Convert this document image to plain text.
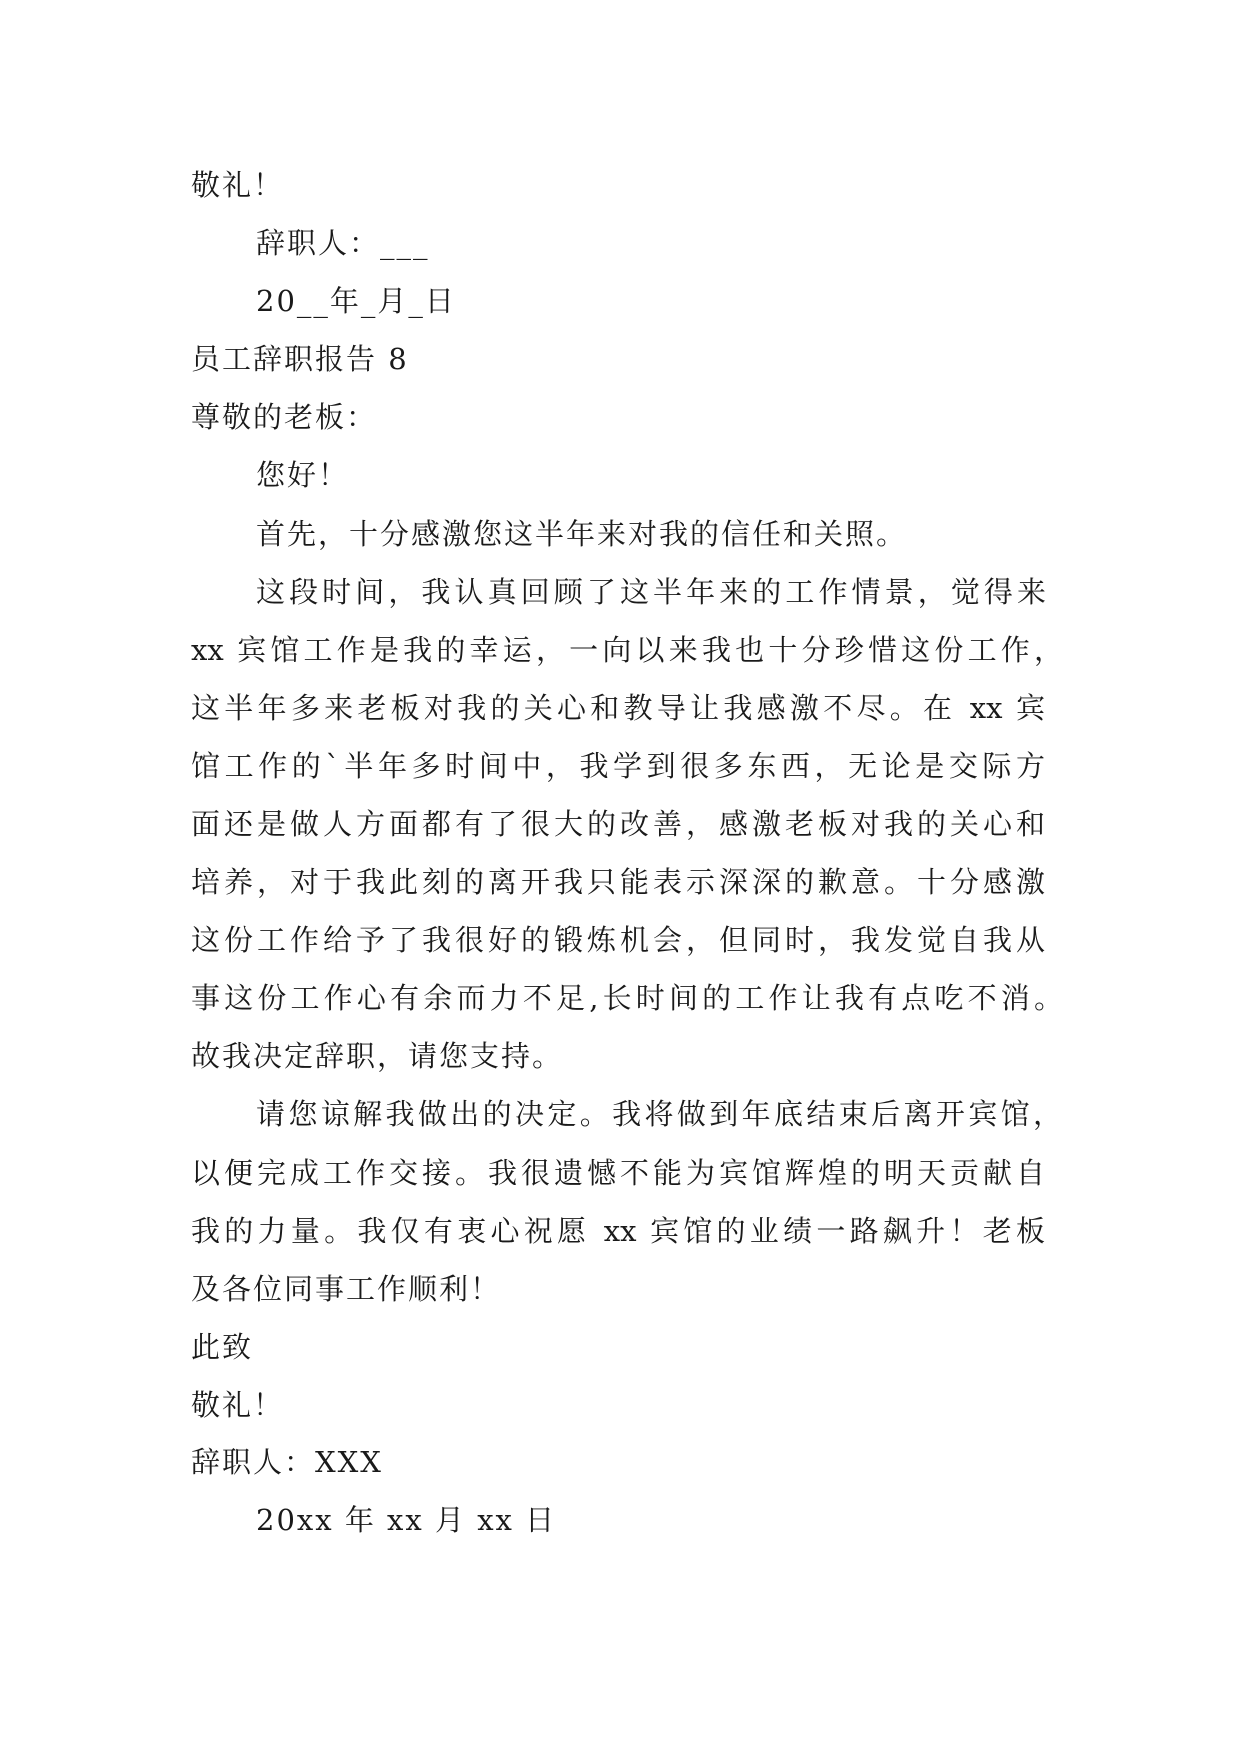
敬礼！
辞职人：___
20__年_月_日
员工辞职报告 8
尊敬的老板：
您好！
首先，十分感激您这半年来对我的信任和关照。
这段时间，我认真回顾了这半年来的工作情景，觉得来
xx 宾馆工作是我的幸运，一向以来我也十分珍惜这份工作，
这半年多来老板对我的关心和教导让我感激不尽。在 xx 宾
馆工作的`半年多时间中，我学到很多东西，无论是交际方
面还是做人方面都有了很大的改善，感激老板对我的关心和
培养，对于我此刻的离开我只能表示深深的歉意。十分感激
这份工作给予了我很好的锻炼机会，但同时，我发觉自我从
事这份工作心有余而力不足,长时间的工作让我有点吃不消。
故我决定辞职，请您支持。
请您谅解我做出的决定。我将做到年底结束后离开宾馆，
以便完成工作交接。我很遗憾不能为宾馆辉煌的明天贡献自
我的力量。我仅有衷心祝愿 xx 宾馆的业绩一路飙升！老板
及各位同事工作顺利！
此致
敬礼！
辞职人：XXX
20xx 年 xx 月 xx 日
